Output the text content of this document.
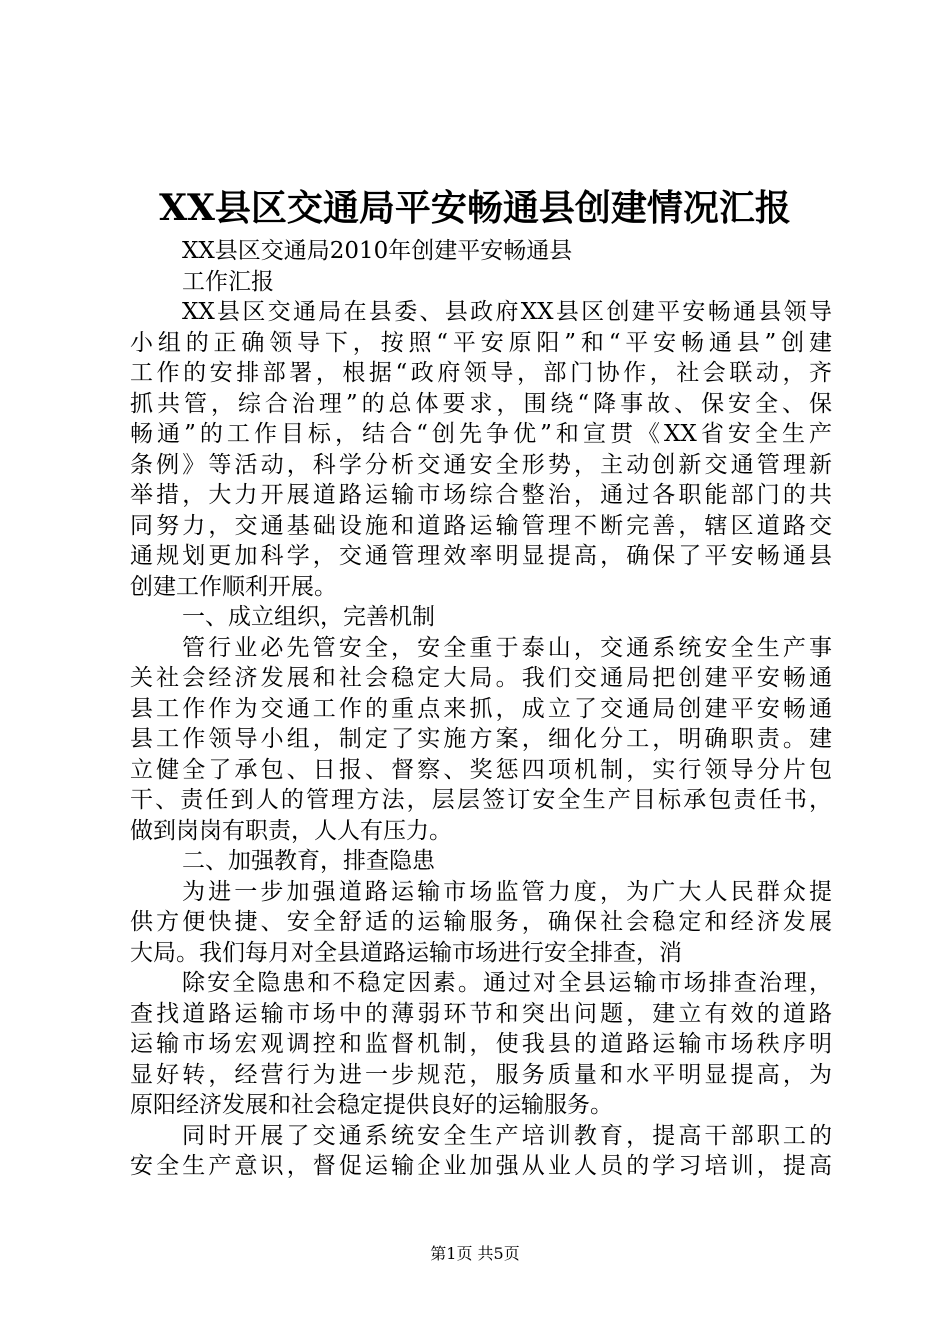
XX县区交通局平安畅通县创建情况汇报
XX县区交通局2010年创建平安畅通县
工作汇报
XX县区交通局在县委、县政府XX县区创建平安畅通县领导
小组的正确领导下，按照“平安原阳”和“平安畅通县”创建
工作的安排部署，根据“政府领导，部门协作，社会联动，齐
抓共管，综合治理”的总体要求，围绕“降事故、保安全、保
畅通”的工作目标，结合“创先争优”和宣贯《XX省安全生产
条例》等活动，科学分析交通安全形势，主动创新交通管理新
举措，大力开展道路运输市场综合整治，通过各职能部门的共
同努力，交通基础设施和道路运输管理不断完善，辖区道路交
通规划更加科学，交通管理效率明显提高，确保了平安畅通县
创建工作顺利开展。
一、成立组织，完善机制
管行业必先管安全，安全重于泰山，交通系统安全生产事
关社会经济发展和社会稳定大局。我们交通局把创建平安畅通
县工作作为交通工作的重点来抓，成立了交通局创建平安畅通
县工作领导小组，制定了实施方案，细化分工，明确职责。建
立健全了承包、日报、督察、奖惩四项机制，实行领导分片包
干、责任到人的管理方法，层层签订安全生产目标承包责任书，
做到岗岗有职责，人人有压力。
二、加强教育，排查隐患
为进一步加强道路运输市场监管力度，为广大人民群众提
供方便快捷、安全舒适的运输服务，确保社会稳定和经济发展
大局。我们每月对全县道路运输市场进行安全排查，消
除安全隐患和不稳定因素。通过对全县运输市场排查治理，
查找道路运输市场中的薄弱环节和突出问题，建立有效的道路
运输市场宏观调控和监督机制，使我县的道路运输市场秩序明
显好转，经营行为进一步规范，服务质量和水平明显提高，为
原阳经济发展和社会稳定提供良好的运输服务。
同时开展了交通系统安全生产培训教育，提高干部职工的
安全生产意识，督促运输企业加强从业人员的学习培训，提高
第1页 共5页
